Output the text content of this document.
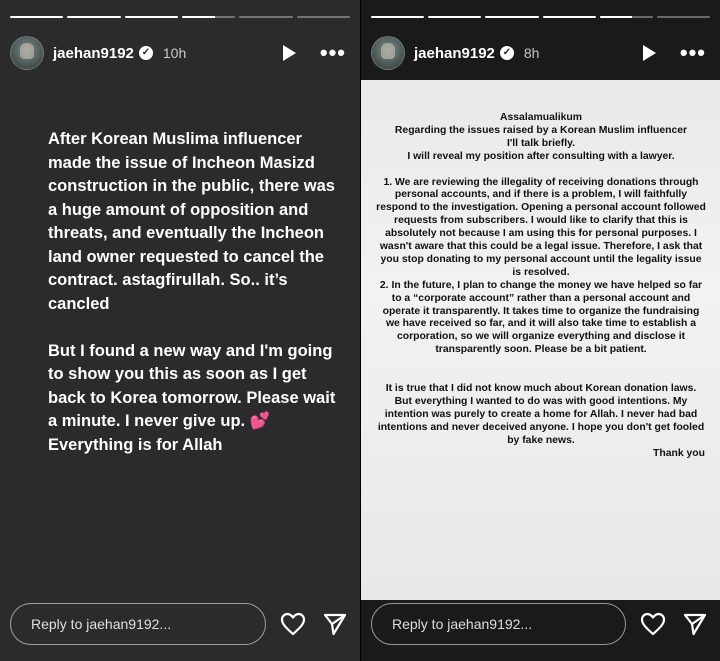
jaehan9192 ✓ 10h	•••

After Korean Muslima influencer made the issue of Incheon Masizd construction in the public, there was a huge amount of opposition and threats, and eventually the Incheon land owner requested to cancel the contract. astagfirullah. So.. it’s cancled

But I found a new way and I'm going to show you this as soon as I get back to Korea tomorrow. Please wait a minute. I never give up. 💕
Everything is for Allah

Reply to jaehan9192...
Assalamualikum
Regarding the issues raised by a Korean Muslim influencer
I'll talk briefly.
I will reveal my position after consulting with a lawyer.
1. We are reviewing the illegality of receiving donations through personal accounts, and if there is a problem, I will faithfully respond to the investigation. Opening a personal account followed requests from subscribers. I would like to clarify that this is absolutely not because I am using this for personal purposes. I wasn't aware that this could be a legal issue. Therefore, I ask that you stop donating to my personal account until the legality issue is resolved.
2. In the future, I plan to change the money we have helped so far to a “corporate account” rather than a personal account and operate it transparently. It takes time to organize the fundraising we have received so far, and it will also take time to establish a corporation, so we will organize everything and disclose it transparently soon. Please be a bit patient.
It is true that I did not know much about Korean donation laws.
But everything I wanted to do was with good intentions. My intention was purely to create a home for Allah. I never had bad intentions and never deceived anyone. I hope you don't get fooled by fake news.
Thank you
jaehan9192 ✓ 8h	•••
Reply to jaehan9192...
